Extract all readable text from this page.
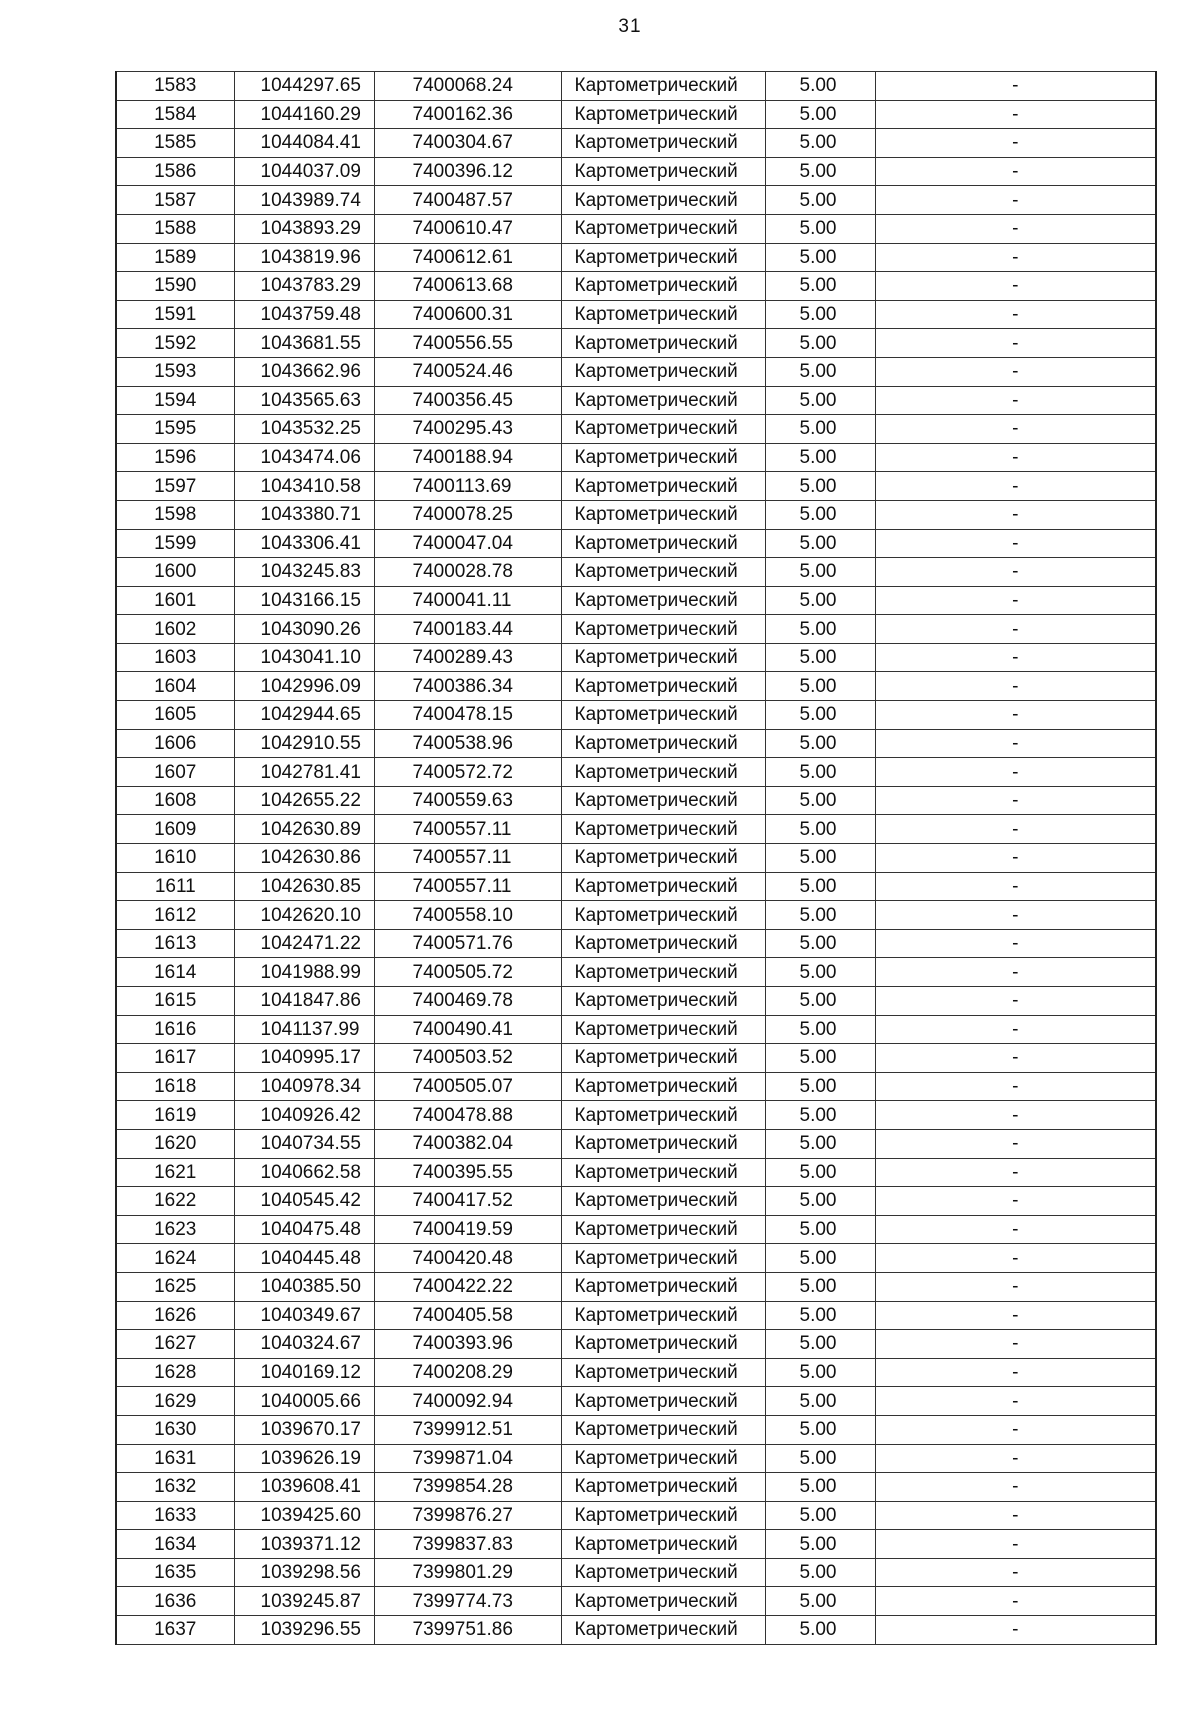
31
1583	1044297.65	7400068.24	Картометрический	5.00	-
1584	1044160.29	7400162.36	Картометрический	5.00	-
1585	1044084.41	7400304.67	Картометрический	5.00	-
1586	1044037.09	7400396.12	Картометрический	5.00	-
1587	1043989.74	7400487.57	Картометрический	5.00	-
1588	1043893.29	7400610.47	Картометрический	5.00	-
1589	1043819.96	7400612.61	Картометрический	5.00	-
1590	1043783.29	7400613.68	Картометрический	5.00	-
1591	1043759.48	7400600.31	Картометрический	5.00	-
1592	1043681.55	7400556.55	Картометрический	5.00	-
1593	1043662.96	7400524.46	Картометрический	5.00	-
1594	1043565.63	7400356.45	Картометрический	5.00	-
1595	1043532.25	7400295.43	Картометрический	5.00	-
1596	1043474.06	7400188.94	Картометрический	5.00	-
1597	1043410.58	7400113.69	Картометрический	5.00	-
1598	1043380.71	7400078.25	Картометрический	5.00	-
1599	1043306.41	7400047.04	Картометрический	5.00	-
1600	1043245.83	7400028.78	Картометрический	5.00	-
1601	1043166.15	7400041.11	Картометрический	5.00	-
1602	1043090.26	7400183.44	Картометрический	5.00	-
1603	1043041.10	7400289.43	Картометрический	5.00	-
1604	1042996.09	7400386.34	Картометрический	5.00	-
1605	1042944.65	7400478.15	Картометрический	5.00	-
1606	1042910.55	7400538.96	Картометрический	5.00	-
1607	1042781.41	7400572.72	Картометрический	5.00	-
1608	1042655.22	7400559.63	Картометрический	5.00	-
1609	1042630.89	7400557.11	Картометрический	5.00	-
1610	1042630.86	7400557.11	Картометрический	5.00	-
1611	1042630.85	7400557.11	Картометрический	5.00	-
1612	1042620.10	7400558.10	Картометрический	5.00	-
1613	1042471.22	7400571.76	Картометрический	5.00	-
1614	1041988.99	7400505.72	Картометрический	5.00	-
1615	1041847.86	7400469.78	Картометрический	5.00	-
1616	1041137.99	7400490.41	Картометрический	5.00	-
1617	1040995.17	7400503.52	Картометрический	5.00	-
1618	1040978.34	7400505.07	Картометрический	5.00	-
1619	1040926.42	7400478.88	Картометрический	5.00	-
1620	1040734.55	7400382.04	Картометрический	5.00	-
1621	1040662.58	7400395.55	Картометрический	5.00	-
1622	1040545.42	7400417.52	Картометрический	5.00	-
1623	1040475.48	7400419.59	Картометрический	5.00	-
1624	1040445.48	7400420.48	Картометрический	5.00	-
1625	1040385.50	7400422.22	Картометрический	5.00	-
1626	1040349.67	7400405.58	Картометрический	5.00	-
1627	1040324.67	7400393.96	Картометрический	5.00	-
1628	1040169.12	7400208.29	Картометрический	5.00	-
1629	1040005.66	7400092.94	Картометрический	5.00	-
1630	1039670.17	7399912.51	Картометрический	5.00	-
1631	1039626.19	7399871.04	Картометрический	5.00	-
1632	1039608.41	7399854.28	Картометрический	5.00	-
1633	1039425.60	7399876.27	Картометрический	5.00	-
1634	1039371.12	7399837.83	Картометрический	5.00	-
1635	1039298.56	7399801.29	Картометрический	5.00	-
1636	1039245.87	7399774.73	Картометрический	5.00	-
1637	1039296.55	7399751.86	Картометрический	5.00	-
